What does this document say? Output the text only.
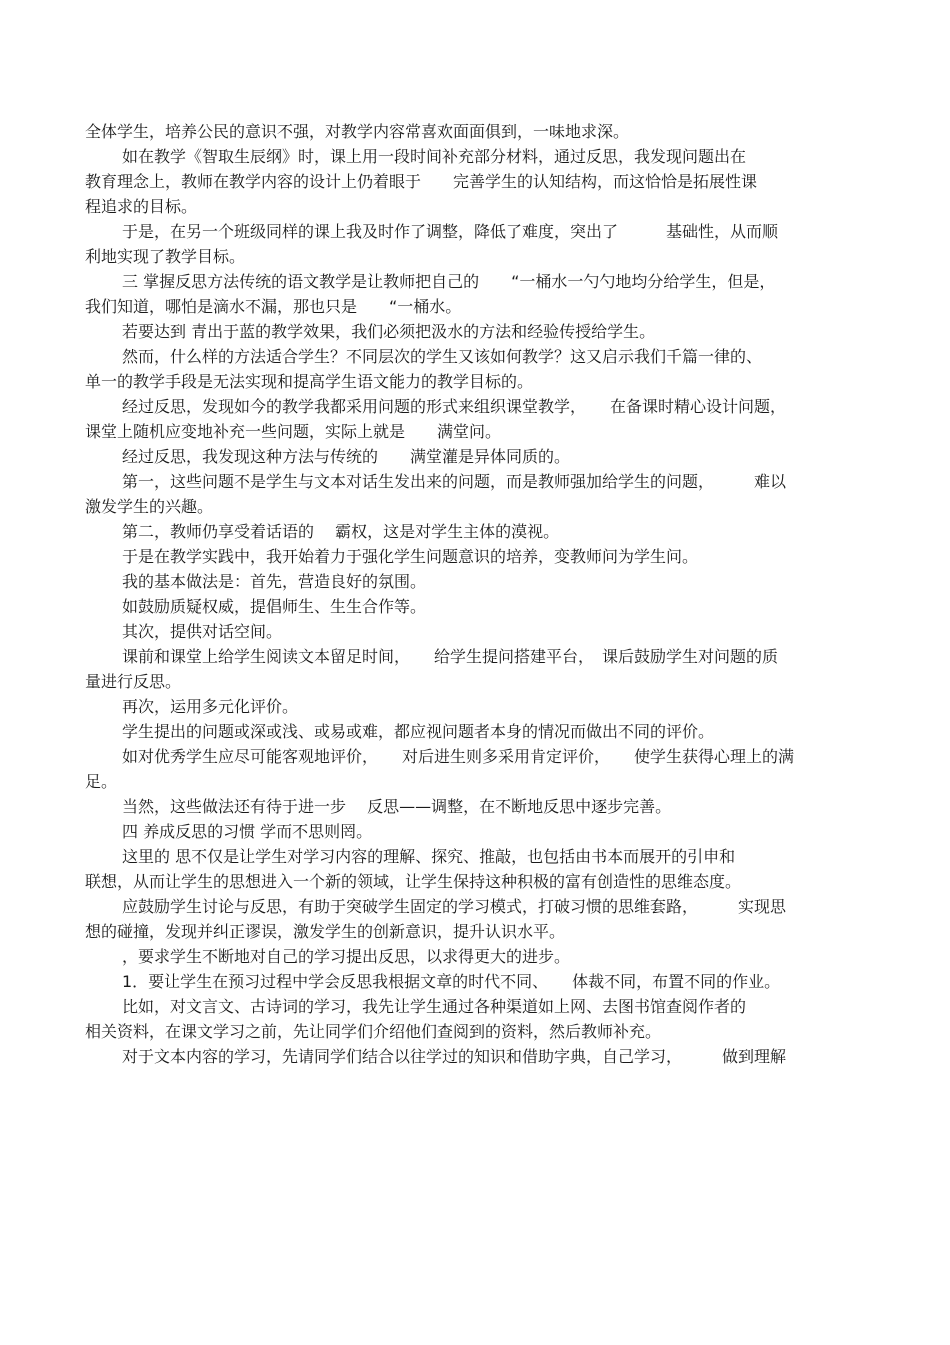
全体学生，培养公民的意识不强，对教学内容常喜欢面面俱到，一味地求深。
如在教学《智取生辰纲》时，课上用一段时间补充部分材料，通过反思，我发现问题出在
教育理念上，教师在教学内容的设计上仍着眼于　　完善学生的认知结构，而这恰恰是拓展性课
程追求的目标。
于是，在另一个班级同样的课上我及时作了调整，降低了难度，突出了　　　基础性，从而顺
利地实现了教学目标。
三 掌握反思方法传统的语文教学是让教师把自己的　　“一桶水一勺勺地均分给学生，但是，
我们知道，哪怕是滴水不漏，那也只是　　“一桶水。
若要达到 青出于蓝的教学效果，我们必须把汲水的方法和经验传授给学生。
然而，什么样的方法适合学生？不同层次的学生又该如何教学？这又启示我们千篇一律的、
单一的教学手段是无法实现和提高学生语文能力的教学目标的。
经过反思，发现如今的教学我都采用问题的形式来组织课堂教学，　　在备课时精心设计问题，
课堂上随机应变地补充一些问题，实际上就是　　满堂问。
经过反思，我发现这种方法与传统的　　满堂灌是异体同质的。
第一，这些问题不是学生与文本对话生发出来的问题，而是教师强加给学生的问题，　　　难以
激发学生的兴趣。
第二，教师仍享受着话语的　 霸权，这是对学生主体的漠视。
于是在教学实践中，我开始着力于强化学生问题意识的培养，变教师问为学生问。
我的基本做法是：首先，营造良好的氛围。
如鼓励质疑权威，提倡师生、生生合作等。
其次，提供对话空间。
课前和课堂上给学生阅读文本留足时间，　　给学生提问搭建平台，　课后鼓励学生对问题的质
量进行反思。
再次，运用多元化评价。
学生提出的问题或深或浅、或易或难，都应视问题者本身的情况而做出不同的评价。
如对优秀学生应尽可能客观地评价，　　对后进生则多采用肯定评价，　　使学生获得心理上的满
足。
当然，这些做法还有待于进一步　 反思——调整，在不断地反思中逐步完善。
四 养成反思的习惯 学而不思则罔。
这里的 思不仅是让学生对学习内容的理解、探究、推敲，也包括由书本而展开的引申和
联想，从而让学生的思想进入一个新的领域，让学生保持这种积极的富有创造性的思维态度。
应鼓励学生讨论与反思，有助于突破学生固定的学习模式，打破习惯的思维套路，　　　实现思
想的碰撞，发现并纠正谬误，激发学生的创新意识，提升认识水平。
，要求学生不断地对自己的学习提出反思，以求得更大的进步。
1．要让学生在预习过程中学会反思我根据文章的时代不同、　　体裁不同，布置不同的作业。
比如，对文言文、古诗词的学习，我先让学生通过各种渠道如上网、去图书馆查阅作者的
相关资料，在课文学习之前，先让同学们介绍他们查阅到的资料，然后教师补充。
对于文本内容的学习，先请同学们结合以往学过的知识和借助字典，自己学习，　　　做到理解
